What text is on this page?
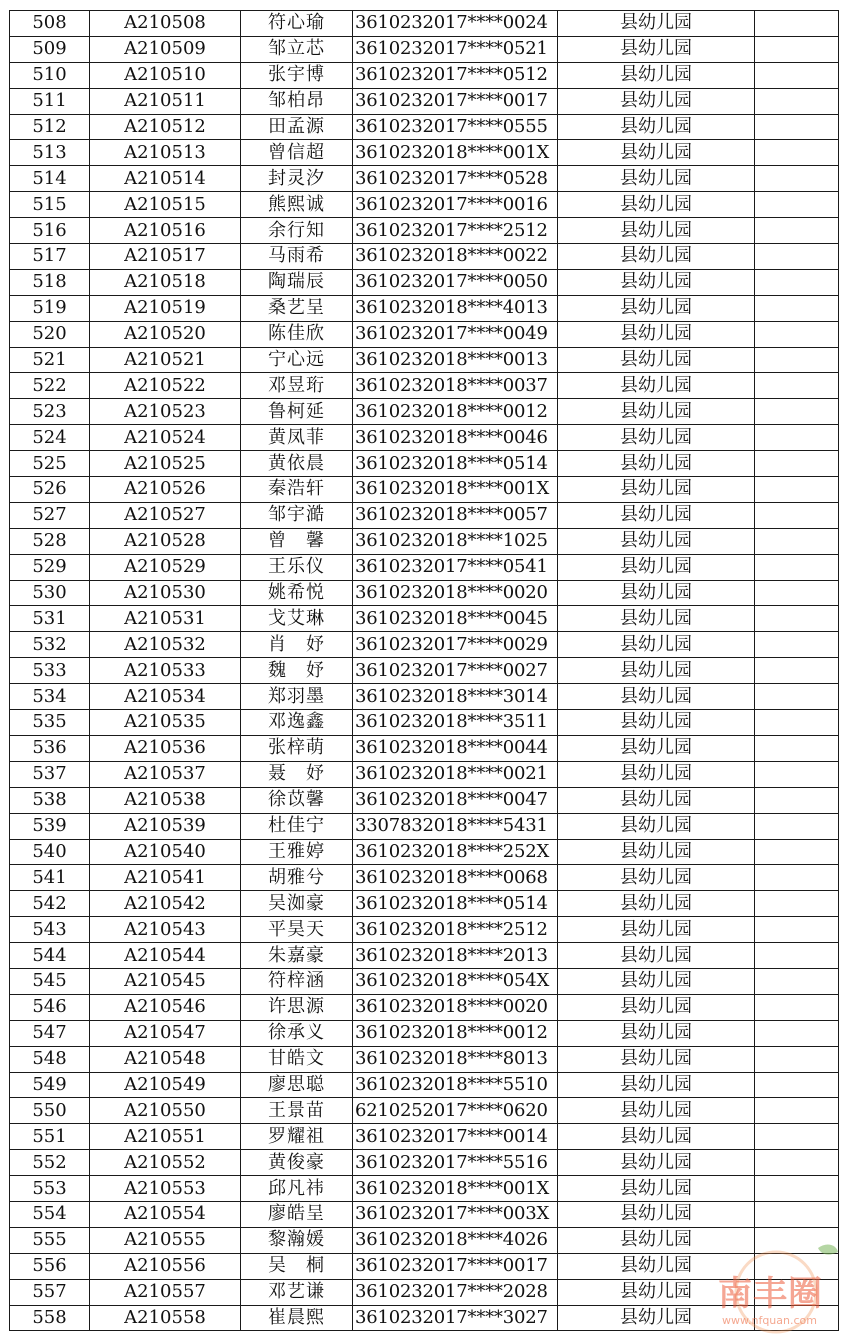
508	A210508	符心瑜	3610232017****0024	县幼儿园	
509	A210509	邹立芯	3610232017****0521	县幼儿园	
510	A210510	张宇博	3610232017****0512	县幼儿园	
511	A210511	邹柏昂	3610232017****0017	县幼儿园	
512	A210512	田孟源	3610232017****0555	县幼儿园	
513	A210513	曾信超	3610232018****001X	县幼儿园	
514	A210514	封灵汐	3610232017****0528	县幼儿园	
515	A210515	熊熙诚	3610232017****0016	县幼儿园	
516	A210516	余行知	3610232017****2512	县幼儿园	
517	A210517	马雨希	3610232018****0022	县幼儿园	
518	A210518	陶瑞辰	3610232017****0050	县幼儿园	
519	A210519	桑艺呈	3610232018****4013	县幼儿园	
520	A210520	陈佳欣	3610232017****0049	县幼儿园	
521	A210521	宁心远	3610232018****0013	县幼儿园	
522	A210522	邓昱珩	3610232018****0037	县幼儿园	
523	A210523	鲁柯延	3610232018****0012	县幼儿园	
524	A210524	黄凤菲	3610232018****0046	县幼儿园	
525	A210525	黄依晨	3610232018****0514	县幼儿园	
526	A210526	秦浩轩	3610232018****001X	县幼儿园	
527	A210527	邹宇澔	3610232018****0057	县幼儿园	
528	A210528	曾　馨	3610232018****1025	县幼儿园	
529	A210529	王乐仪	3610232017****0541	县幼儿园	
530	A210530	姚希悦	3610232018****0020	县幼儿园	
531	A210531	戈艾琳	3610232018****0045	县幼儿园	
532	A210532	肖　妤	3610232017****0029	县幼儿园	
533	A210533	魏　妤	3610232017****0027	县幼儿园	
534	A210534	郑羽墨	3610232018****3014	县幼儿园	
535	A210535	邓逸鑫	3610232018****3511	县幼儿园	
536	A210536	张梓萌	3610232018****0044	县幼儿园	
537	A210537	聂　妤	3610232018****0021	县幼儿园	
538	A210538	徐苡馨	3610232018****0047	县幼儿园	
539	A210539	杜佳宁	3307832018****5431	县幼儿园	
540	A210540	王雅婷	3610232018****252X	县幼儿园	
541	A210541	胡雅兮	3610232018****0068	县幼儿园	
542	A210542	吴洳豪	3610232018****0514	县幼儿园	
543	A210543	平昊天	3610232018****2512	县幼儿园	
544	A210544	朱嘉豪	3610232018****2013	县幼儿园	
545	A210545	符梓涵	3610232018****054X	县幼儿园	
546	A210546	许思源	3610232018****0020	县幼儿园	
547	A210547	徐承义	3610232018****0012	县幼儿园	
548	A210548	甘皓文	3610232018****8013	县幼儿园	
549	A210549	廖思聪	3610232018****5510	县幼儿园	
550	A210550	王景苗	6210252017****0620	县幼儿园	
551	A210551	罗耀祖	3610232017****0014	县幼儿园	
552	A210552	黄俊豪	3610232017****5516	县幼儿园	
553	A210553	邱凡祎	3610232018****001X	县幼儿园	
554	A210554	廖皓呈	3610232017****003X	县幼儿园	
555	A210555	黎瀚媛	3610232018****4026	县幼儿园	
556	A210556	吴　桐	3610232017****0017	县幼儿园	
557	A210557	邓艺谦	3610232017****2028	县幼儿园	
558	A210558	崔晨熙	3610232017****3027	县幼儿园	
南丰圈
www.nfquan.com
